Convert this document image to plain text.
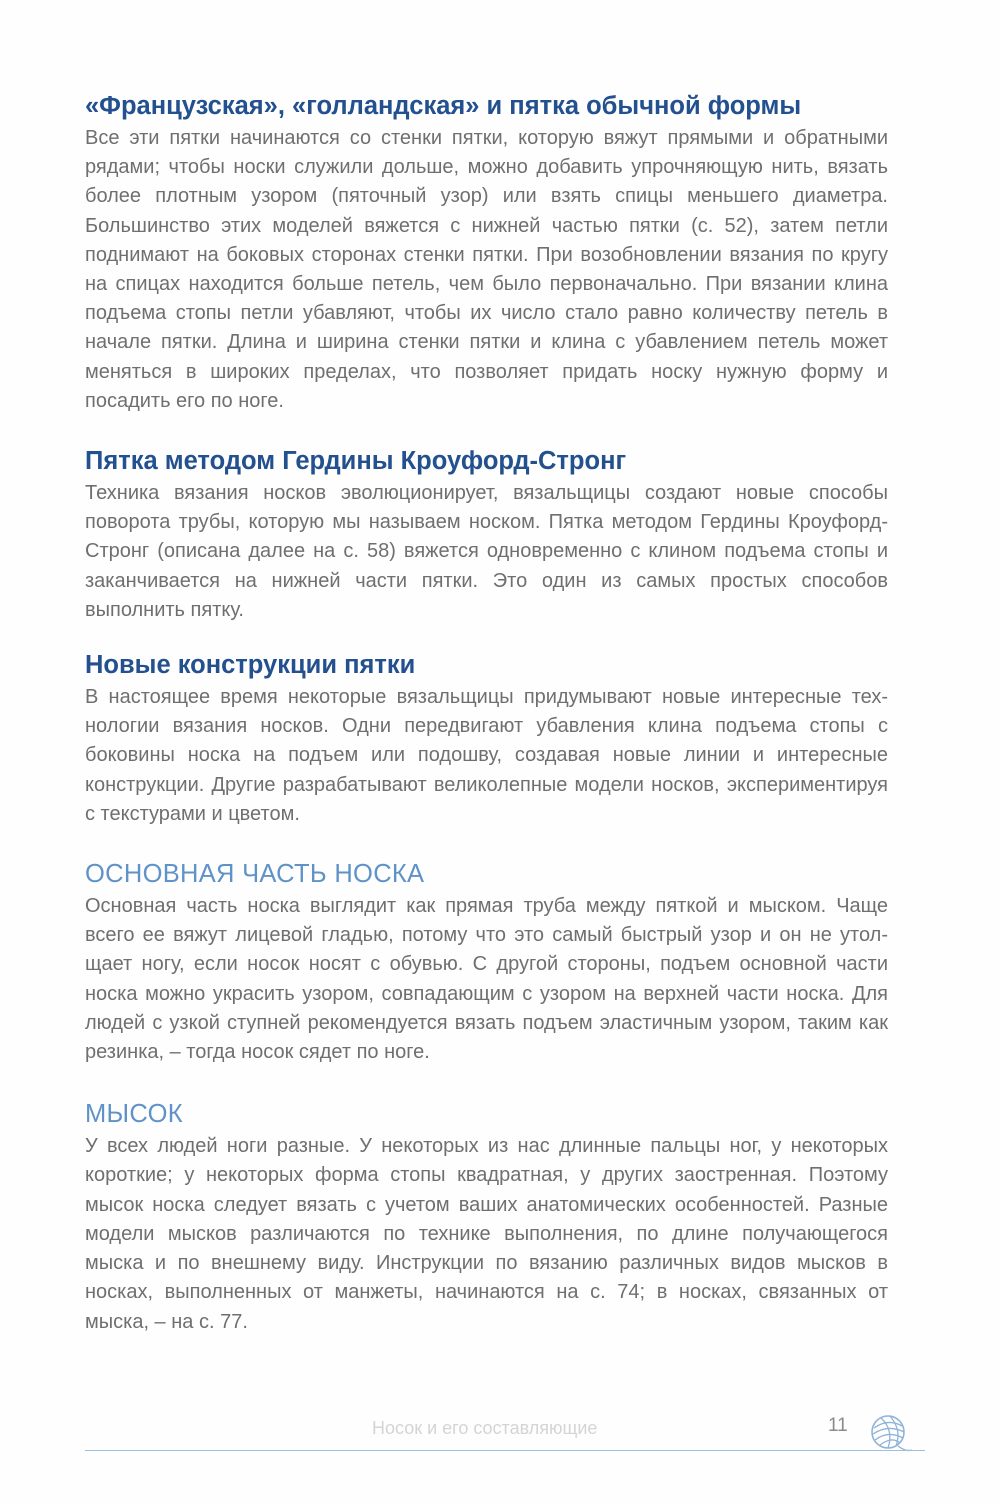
«Французская», «голландская» и пятка обычной формы

Все эти пятки начинаются со стенки пятки, которую вяжут прямыми и обратными рядами; чтобы носки служили дольше, можно добавить упрочняющую нить, вязать более плотным узором (пяточный узор) или взять спицы меньшего диаметра. Большинство этих моделей вяжется с нижней частью пятки (с. 52), затем петли поднимают на боковых сторонах стенки пятки. При возобновлении вязания по кругу на спицах находится больше петель, чем было первоначально. При вязании клина подъема стопы петли убавляют, чтобы их число стало равно количеству петель в начале пятки. Длина и ширина стенки пятки и клина с убавлением петель может меняться в широких пределах, что позволяет придать носку нужную форму и посадить его по ноге.

Пятка методом Гердины Кроуфорд-Стронг

Техника вязания носков эволюционирует, вязальщицы создают новые способы поворота трубы, которую мы называем носком. Пятка методом Гердины Кроуфорд-Стронг (описана далее на с. 58) вяжется одновременно с клином подъема стопы и заканчивается на нижней части пятки. Это один из самых простых способов выполнить пятку.

Новые конструкции пятки

В настоящее время некоторые вязальщицы придумывают новые интересные технологии вязания носков. Одни передвигают убавления клина подъема стопы с боковины носка на подъем или подошву, создавая новые линии и интересные конструкции. Другие разрабатывают великолепные модели носков, экспериментируя с текстурами и цветом.

ОСНОВНАЯ ЧАСТЬ НОСКА

Основная часть носка выглядит как прямая труба между пяткой и мыском. Чаще всего ее вяжут лицевой гладью, потому что это самый быстрый узор и он не утолщает ногу, если носок носят с обувью. С другой стороны, подъем основной части носка можно украсить узором, совпадающим с узором на верхней части носка. Для людей с узкой ступней рекомендуется вязать подъем эластичным узором, таким как резинка, – тогда носок сядет по ноге.

МЫСОК

У всех людей ноги разные. У некоторых из нас длинные пальцы ног, у некоторых короткие; у некоторых форма стопы квадратная, у других заостренная. Поэтому мысок носка следует вязать с учетом ваших анатомических особенностей. Разные модели мысков различаются по технике выполнения, по длине получающегося мыска и по внешнему виду. Инструкции по вязанию различных видов мысков в носках, выполненных от манжеты, начинаются на с. 74; в носках, связанных от мыска, – на с. 77.

Носок и его составляющие	11
